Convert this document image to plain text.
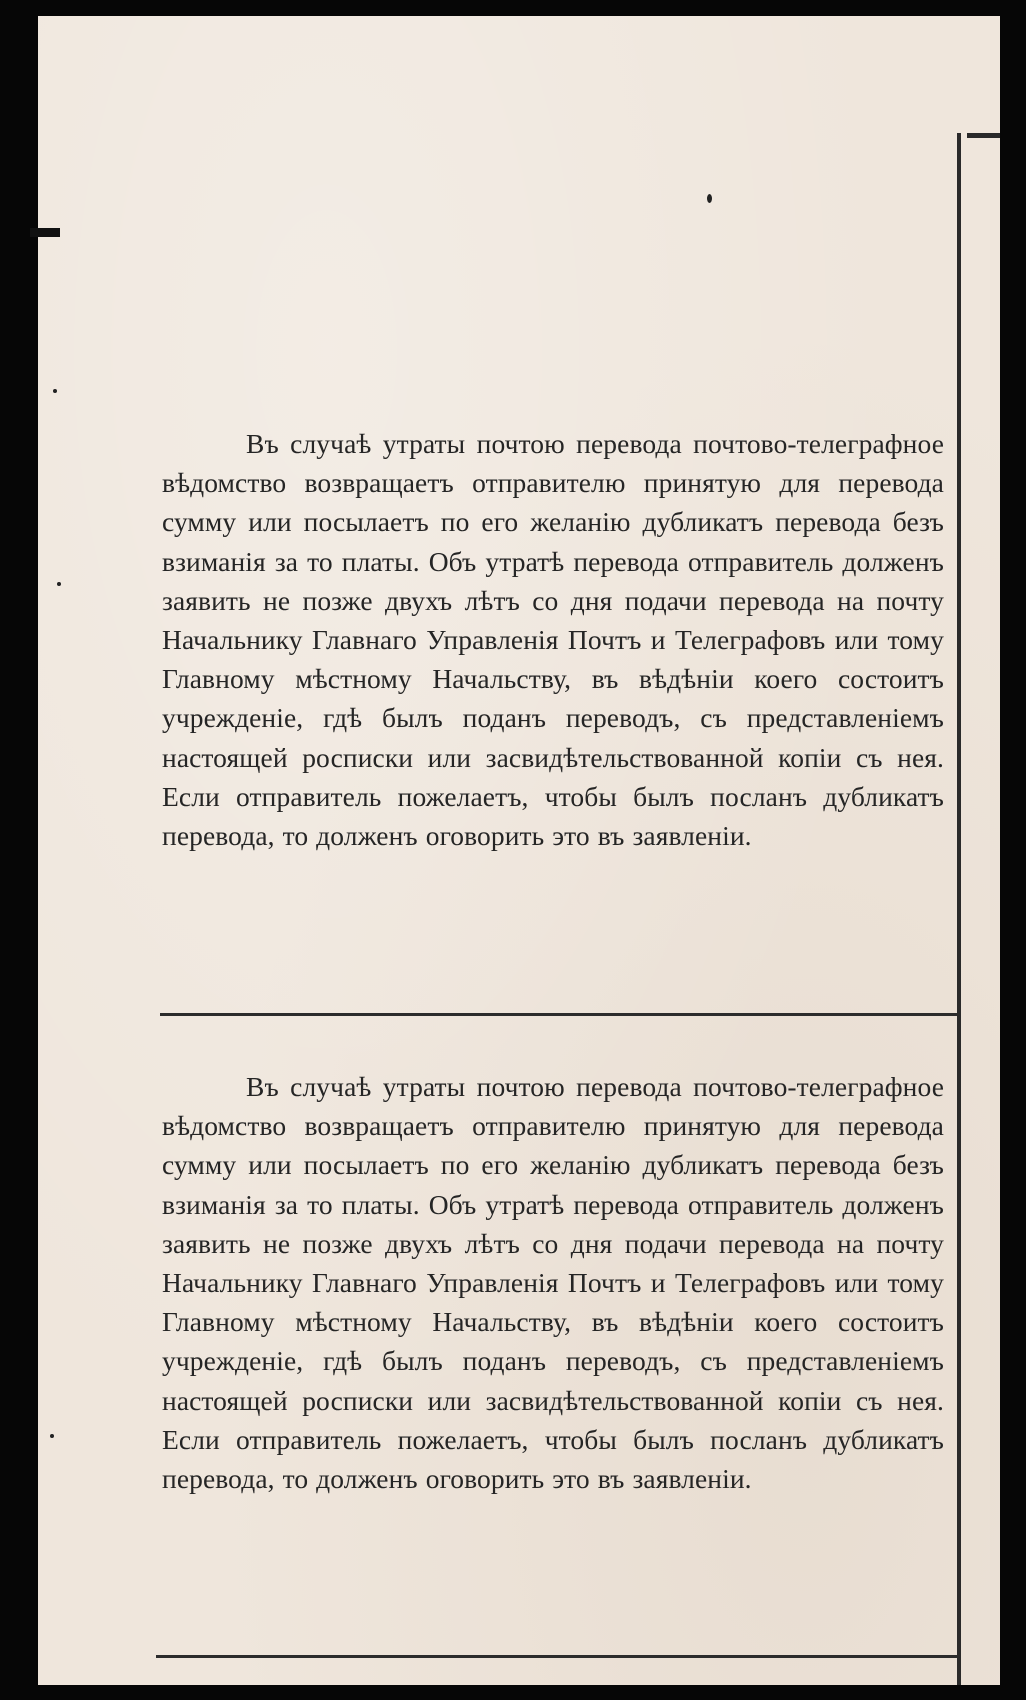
Въ случаѣ утраты почтою перевода почтово-телеграфное вѣдомство возвращаетъ отправителю принятую для перевода сумму или посылаетъ по его желанію дубликатъ перевода безъ взиманія за то платы. Объ утратѣ перевода отправитель долженъ заявить не позже двухъ лѣтъ со дня подачи перевода на почту Начальнику Главнаго Управленія Почтъ и Телеграфовъ или тому Главному мѣстному Начальству, въ вѣдѣніи коего состоитъ учрежденіе, гдѣ былъ поданъ переводъ, съ представленіемъ настоящей росписки или засвидѣтельствованной копіи съ нея. Если отправитель пожелаетъ, чтобы былъ посланъ дубликатъ перевода, то долженъ оговорить это въ заявленіи.

Въ случаѣ утраты почтою перевода почтово-телеграфное вѣдомство возвращаетъ отправителю принятую для перевода сумму или посылаетъ по его желанію дубликатъ перевода безъ взиманія за то платы. Объ утратѣ перевода отправитель долженъ заявить не позже двухъ лѣтъ со дня подачи перевода на почту Начальнику Главнаго Управленія Почтъ и Телеграфовъ или тому Главному мѣстному Начальству, въ вѣдѣніи коего состоитъ учрежденіе, гдѣ былъ поданъ переводъ, съ представленіемъ настоящей росписки или засвидѣтельствованной копіи съ нея. Если отправитель пожелаетъ, чтобы былъ посланъ дубликатъ перевода, то долженъ оговорить это въ заявленіи.
